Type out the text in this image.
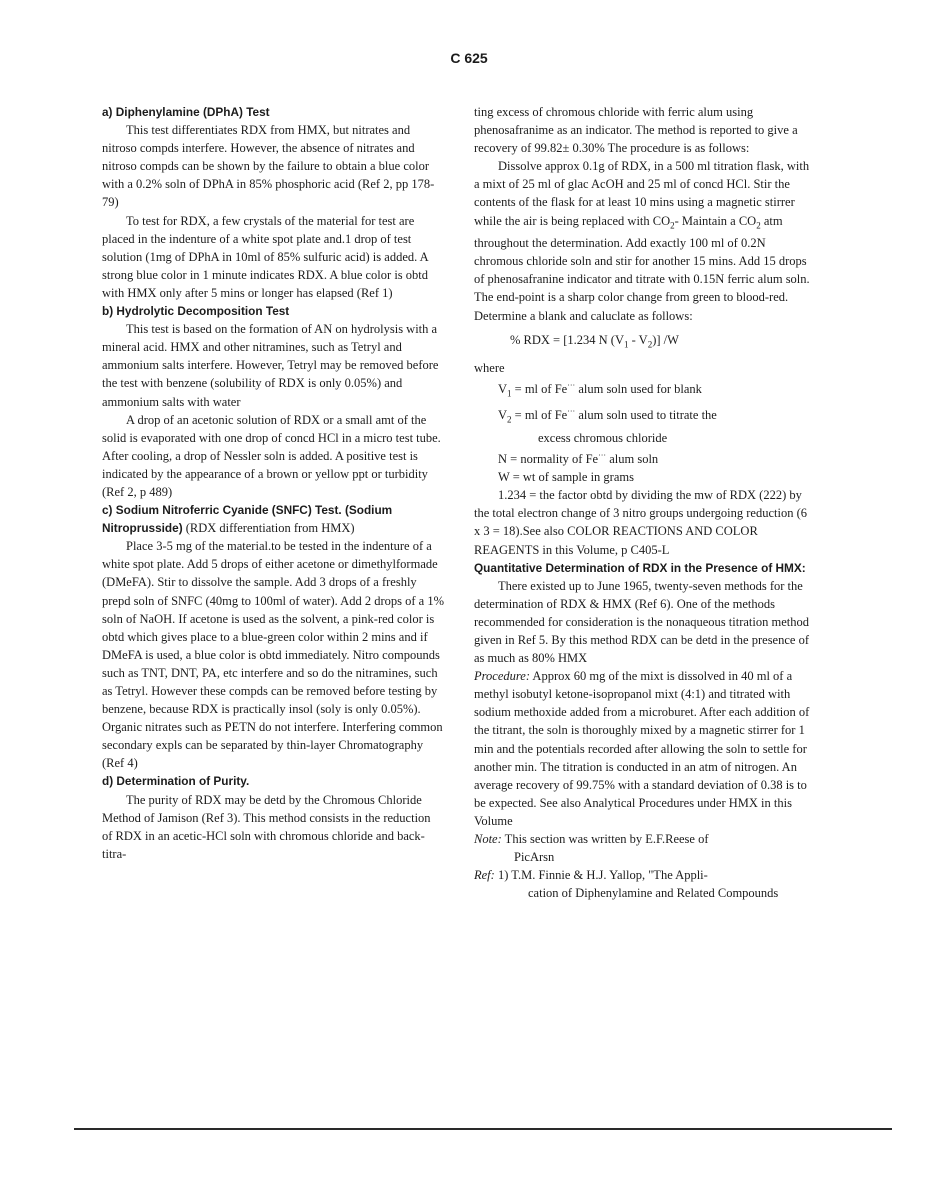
C 625

a) Diphenylamine (DPhA) Test

This test differentiates RDX from HMX, but nitrates and nitroso compds interfere. However, the absence of nitrates and nitroso compds can be shown by the failure to obtain a blue color with a 0.2% soln of DPhA in 85% phosphoric acid (Ref 2, pp 178-79)

To test for RDX, a few crystals of the material for test are placed in the indenture of a white spot plate and.1 drop of test solution (1mg of DPhA in 10ml of 85% sulfuric acid) is added. A strong blue color in 1 minute indicates RDX. A blue color is obtd with HMX only after 5 mins or longer has elapsed (Ref 1)

b) Hydrolytic Decomposition Test

This test is based on the formation of AN on hydrolysis with a mineral acid. HMX and other nitramines, such as Tetryl and ammonium salts interfere. However, Tetryl may be removed before the test with benzene (solubility of RDX is only 0.05%) and ammonium salts with water

A drop of an acetonic solution of RDX or a small amt of the solid is evaporated with one drop of concd HCl in a micro test tube. After cooling, a drop of Nessler soln is added. A positive test is indicated by the appearance of a brown or yellow ppt or turbidity (Ref 2, p 489)

c) Sodium Nitroferric Cyanide (SNFC) Test. (Sodium Nitroprusside) (RDX differentiation from HMX)

Place 3-5 mg of the material.to be tested in the indenture of a white spot plate. Add 5 drops of either acetone or dimethylformade (DMeFA). Stir to dissolve the sample. Add 3 drops of a freshly prepd soln of SNFC (40mg to 100ml of water). Add 2 drops of a 1% soln of NaOH. If acetone is used as the solvent, a pink-red color is obtd which gives place to a blue-green color within 2 mins and if DMeFA is used, a blue color is obtd immediately. Nitro compounds such as TNT, DNT, PA, etc interfere and so do the nitramines, such as Tetryl. However these compds can be removed before testing by benzene, because RDX is practically insol (soly is only 0.05%). Organic nitrates such as PETN do not interfere. Interfering common secondary expls can be separated by thin-layer Chromatography (Ref 4)

d) Determination of Purity.

The purity of RDX may be detd by the Chromous Chloride Method of Jamison (Ref 3). This method consists in the reduction of RDX in an acetic-HCl soln with chromous chloride and back-titra-

ting excess of chromous chloride with ferric alum using phenosafranime as an indicator. The method is reported to give a recovery of 99.82± 0.30% The procedure is as follows:

Dissolve approx 0.1g of RDX, in a 500 ml titration flask, with a mixt of 25 ml of glac AcOH and 25 ml of concd HCl. Stir the contents of the flask for at least 10 mins using a magnetic stirrer while the air is being replaced with $CO_2-$ Maintain a $CO_2$ atm throughout the determination. Add exactly 100 ml of 0.2N chromous chloride soln and stir for another 15 mins. Add 15 drops of phenosafranine indicator and titrate with 0.15N ferric alum soln. The end-point is a sharp color change from green to blood-red. Determine a blank and caluclate as follows:

% RDX = [1.234 N $(V_1 - V_2)$] /W

where

$V_1$ = ml of Fe··· alum soln used for blank

$V_2$ = ml of Fe··· alum soln used to titrate the

excess chromous chloride

N = normality of Fe··· alum soln

W = wt of sample in grams

1.234 = the factor obtd by dividing the mw of RDX (222) by the total electron change of 3 nitro groups undergoing reduction (6 x 3 = 18).See also COLOR REACTIONS AND COLOR REAGENTS in this Volume, p C405-L

Quantitative Determination of RDX in the Presence of HMX:

There existed up to June 1965, twenty-seven methods for the determination of RDX & HMX (Ref 6). One of the methods recommended for consideration is the nonaqueous titration method given in Ref 5. By this method RDX can be detd in the presence of as much as 80% HMX

Procedure: Approx 60 mg of the mixt is dissolved in 40 ml of a methyl isobutyl ketone-isopropanol mixt (4:1) and titrated with sodium methoxide added from a microburet. After each addition of the titrant, the soln is thoroughly mixed by a magnetic stirrer for 1 min and the potentials recorded after allowing the soln to settle for another min. The titration is conducted in an atm of nitrogen. An average recovery of 99.75% with a standard deviation of 0.38 is to be expected. See also Analytical Procedures under HMX in this Volume

Note: This section was written by E.F.Reese of

PicArsn

Ref: 1) T.M. Finnie & H.J. Yallop, "The Appli-

cation of Diphenylamine and Related Compounds
